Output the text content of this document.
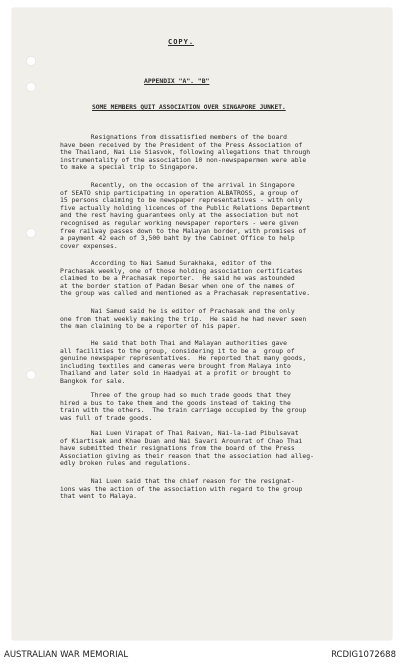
COPY.
APPENDIX "A". "B"
SOME MEMBERS QUIT ASSOCIATION OVER SINGAPORE JUNKET.
Resignations from dissatisfied members of the board
have been received by the President of the Press Association of
the Thailand, Nai Lie Siasvok, following allegations that through
instrumentality of the association 10 non-newspapermen were able
to make a special trip to Singapore.
Recently, on the occasion of the arrival in Singapore
of SEATO ship participating in operation ALBATROSS, a group of
15 persons claiming to be newspaper representatives - with only
five actually holding licences of the Public Relations Department
and the rest having guarantees only at the association but not
recognised as regular working newspaper reporters - were given
free railway passes down to the Malayan border, with promises of
a payment 42 each of 3,500 baht by the Cabinet Office to help
cover expenses.
According to Nai Samud Surakhaka, editor of the
Prachasak weekly, one of those holding association certificates
claimed to be a Prachasak reporter.  He said he was astounded
at the border station of Padan Besar when one of the names of
the group was called and mentioned as a Prachasak representative.
Nai Samud said he is editor of Prachasak and the only
one from that weekly making the trip.  He said he had never seen
the man claiming to be a reporter of his paper.
He said that both Thai and Malayan authorities gave
all facilities to the group, considering it to be a  group of
genuine newspaper representatives.  He reported that many goods,
including textiles and cameras were brought from Malaya into
Thailand and later sold in Haadyai at a profit or brought to
Bangkok for sale.
Three of the group had so much trade goods that they
hired a bus to take them and the goods instead of taking the
train with the others.  The train carriage occupied by the group
was full of trade goods.
Nai Luen Virapat of Thai Raivan, Nai-la-iad Pibulsavat
of Kiartisak and Khae Duan and Nai Savari Arounrat of Chao Thai
have submitted their resignations from the board of the Press
Association giving as their reason that the association had alleg-
edly broken rules and regulations.
Nai Luen said that the chief reason for the resignat-
ions was the action of the association with regard to the group
that went to Malaya.
AUSTRALIAN WAR MEMORIAL	RCDIG1072688
